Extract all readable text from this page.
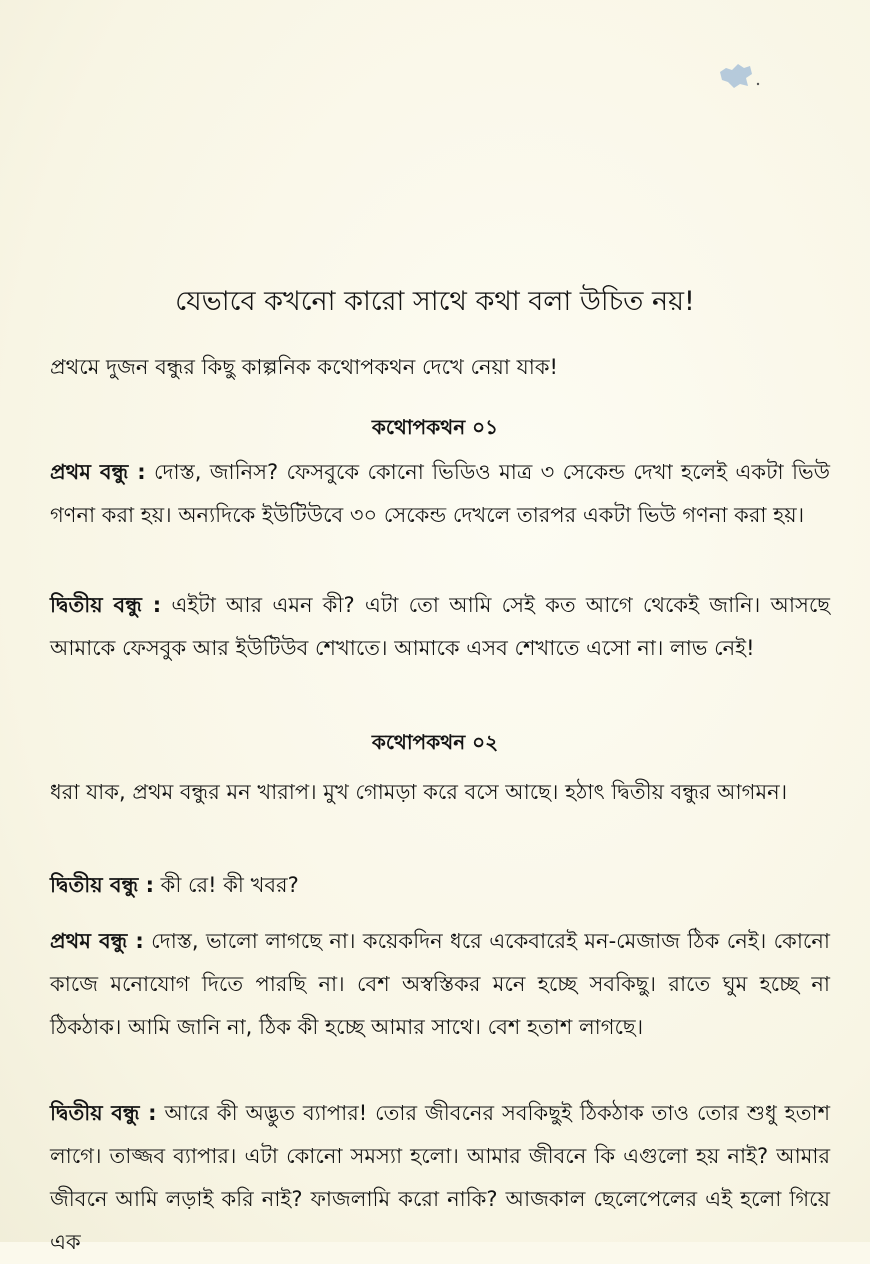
যেভাবে কখনো কারো সাথে কথা বলা উচিত নয়!

প্রথমে দুজন বন্ধুর কিছু কাল্পনিক কথোপকথন দেখে নেয়া যাক!

কথোপকথন ০১

প্রথম বন্ধু : দোস্ত, জানিস? ফেসবুকে কোনো ভিডিও মাত্র ৩ সেকেন্ড দেখা হলেই একটা ভিউ গণনা করা হয়। অন্যদিকে ইউটিউবে ৩০ সেকেন্ড দেখলে তারপর একটা ভিউ গণনা করা হয়।

দ্বিতীয় বন্ধু : এইটা আর এমন কী? এটা তো আমি সেই কত আগে থেকেই জানি। আসছে আমাকে ফেসবুক আর ইউটিউব শেখাতে। আমাকে এসব শেখাতে এসো না। লাভ নেই!

কথোপকথন ০২

ধরা যাক, প্রথম বন্ধুর মন খারাপ। মুখ গোমড়া করে বসে আছে। হঠাৎ দ্বিতীয় বন্ধুর আগমন।

দ্বিতীয় বন্ধু : কী রে! কী খবর?

প্রথম বন্ধু : দোস্ত, ভালো লাগছে না। কয়েকদিন ধরে একেবারেই মন-মেজাজ ঠিক নেই। কোনো কাজে মনোযোগ দিতে পারছি না। বেশ অস্বস্তিকর মনে হচ্ছে সবকিছু। রাতে ঘুম হচ্ছে না ঠিকঠাক। আমি জানি না, ঠিক কী হচ্ছে আমার সাথে। বেশ হতাশ লাগছে।

দ্বিতীয় বন্ধু : আরে কী অদ্ভুত ব্যাপার! তোর জীবনের সবকিছুই ঠিকঠাক তাও তোর শুধু হতাশ লাগে। তাজ্জব ব্যাপার। এটা কোনো সমস্যা হলো। আমার জীবনে কি এগুলো হয় নাই? আমার জীবনে আমি লড়াই করি নাই? ফাজলামি করো নাকি? আজকাল ছেলেপেলের এই হলো গিয়ে এক
